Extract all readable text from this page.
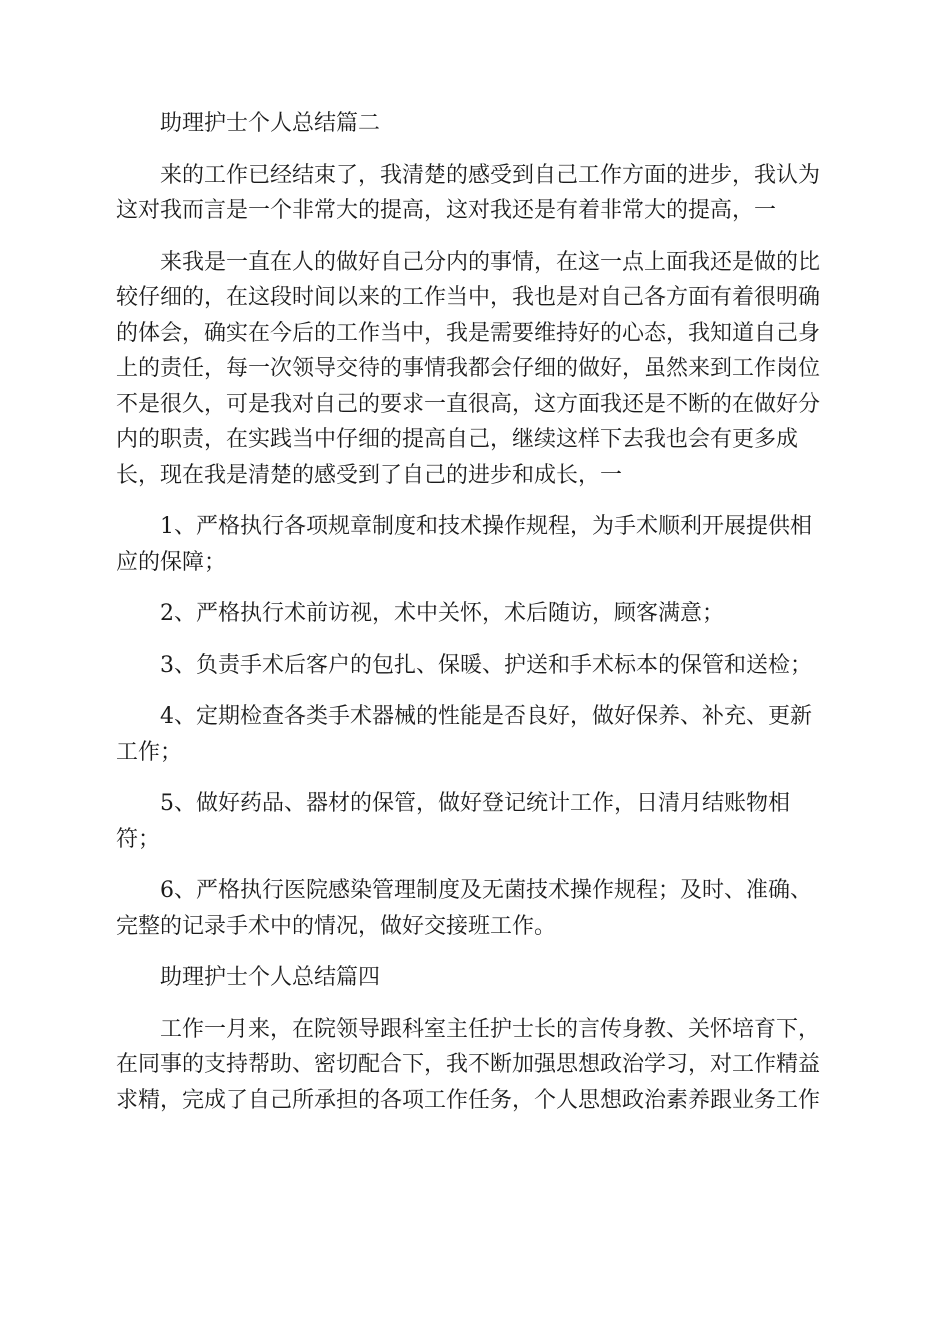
助理护士个人总结篇二
来的工作已经结束了，我清楚的感受到自己工作方面的进步，我认为
这对我而言是一个非常大的提高，这对我还是有着非常大的提高，一
来我是一直在人的做好自己分内的事情，在这一点上面我还是做的比
较仔细的，在这段时间以来的工作当中，我也是对自己各方面有着很明确
的体会，确实在今后的工作当中，我是需要维持好的心态，我知道自己身
上的责任，每一次领导交待的事情我都会仔细的做好，虽然来到工作岗位
不是很久，可是我对自己的要求一直很高，这方面我还是不断的在做好分
内的职责，在实践当中仔细的提高自己，继续这样下去我也会有更多成
长，现在我是清楚的感受到了自己的进步和成长，一
1、严格执行各项规章制度和技术操作规程，为手术顺利开展提供相
应的保障；
2、严格执行术前访视，术中关怀，术后随访，顾客满意；
3、负责手术后客户的包扎、保暖、护送和手术标本的保管和送检；
4、定期检查各类手术器械的性能是否良好，做好保养、补充、更新
工作；
5、做好药品、器材的保管，做好登记统计工作，日清月结账物相
符；
6、严格执行医院感染管理制度及无菌技术操作规程；及时、准确、
完整的记录手术中的情况，做好交接班工作。
助理护士个人总结篇四
工作一月来，在院领导跟科室主任护士长的言传身教、关怀培育下，
在同事的支持帮助、密切配合下，我不断加强思想政治学习，对工作精益
求精，完成了自己所承担的各项工作任务，个人思想政治素养跟业务工作
